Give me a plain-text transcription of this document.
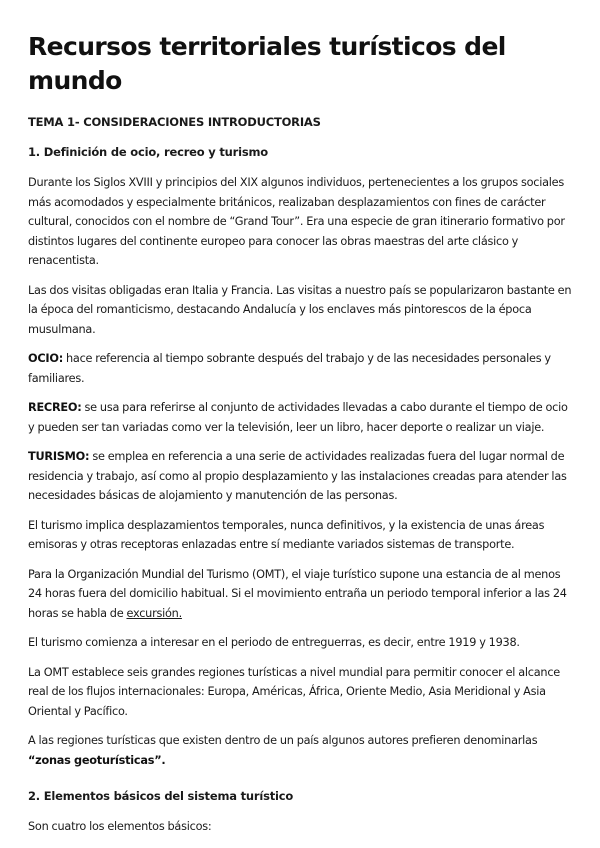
Recursos territoriales turísticos del mundo
TEMA 1- CONSIDERACIONES INTRODUCTORIAS
1. Definición de ocio, recreo y turismo

Durante los Siglos XVIII y principios del XIX algunos individuos, pertenecientes a los grupos sociales más acomodados y especialmente británicos, realizaban desplazamientos con fines de carácter cultural, conocidos con el nombre de “Grand Tour”. Era una especie de gran itinerario formativo por distintos lugares del continente europeo para conocer las obras maestras del arte clásico y renacentista.

Las dos visitas obligadas eran Italia y Francia. Las visitas a nuestro país se popularizaron bastante en la época del romanticismo, destacando Andalucía y los enclaves más pintorescos de la época musulmana.

OCIO: hace referencia al tiempo sobrante después del trabajo y de las necesidades personales y familiares.

RECREO: se usa para referirse al conjunto de actividades llevadas a cabo durante el tiempo de ocio y pueden ser tan variadas como ver la televisión, leer un libro, hacer deporte o realizar un viaje.

TURISMO: se emplea en referencia a una serie de actividades realizadas fuera del lugar normal de residencia y trabajo, así como al propio desplazamiento y las instalaciones creadas para atender las necesidades básicas de alojamiento y manutención de las personas.

El turismo implica desplazamientos temporales, nunca definitivos, y la existencia de unas áreas emisoras y otras receptoras enlazadas entre sí mediante variados sistemas de transporte.

Para la Organización Mundial del Turismo (OMT), el viaje turístico supone una estancia de al menos 24 horas fuera del domicilio habitual. Si el movimiento entraña un periodo temporal inferior a las 24 horas se habla de excursión.

El turismo comienza a interesar en el periodo de entreguerras, es decir, entre 1919 y 1938.

La OMT establece seis grandes regiones turísticas a nivel mundial para permitir conocer el alcance real de los flujos internacionales: Europa, Américas, África, Oriente Medio, Asia Meridional y Asia Oriental y Pacífico.

A las regiones turísticas que existen dentro de un país algunos autores prefieren denominarlas “zonas geoturísticas”.

2. Elementos básicos del sistema turístico

Son cuatro los elementos básicos:
